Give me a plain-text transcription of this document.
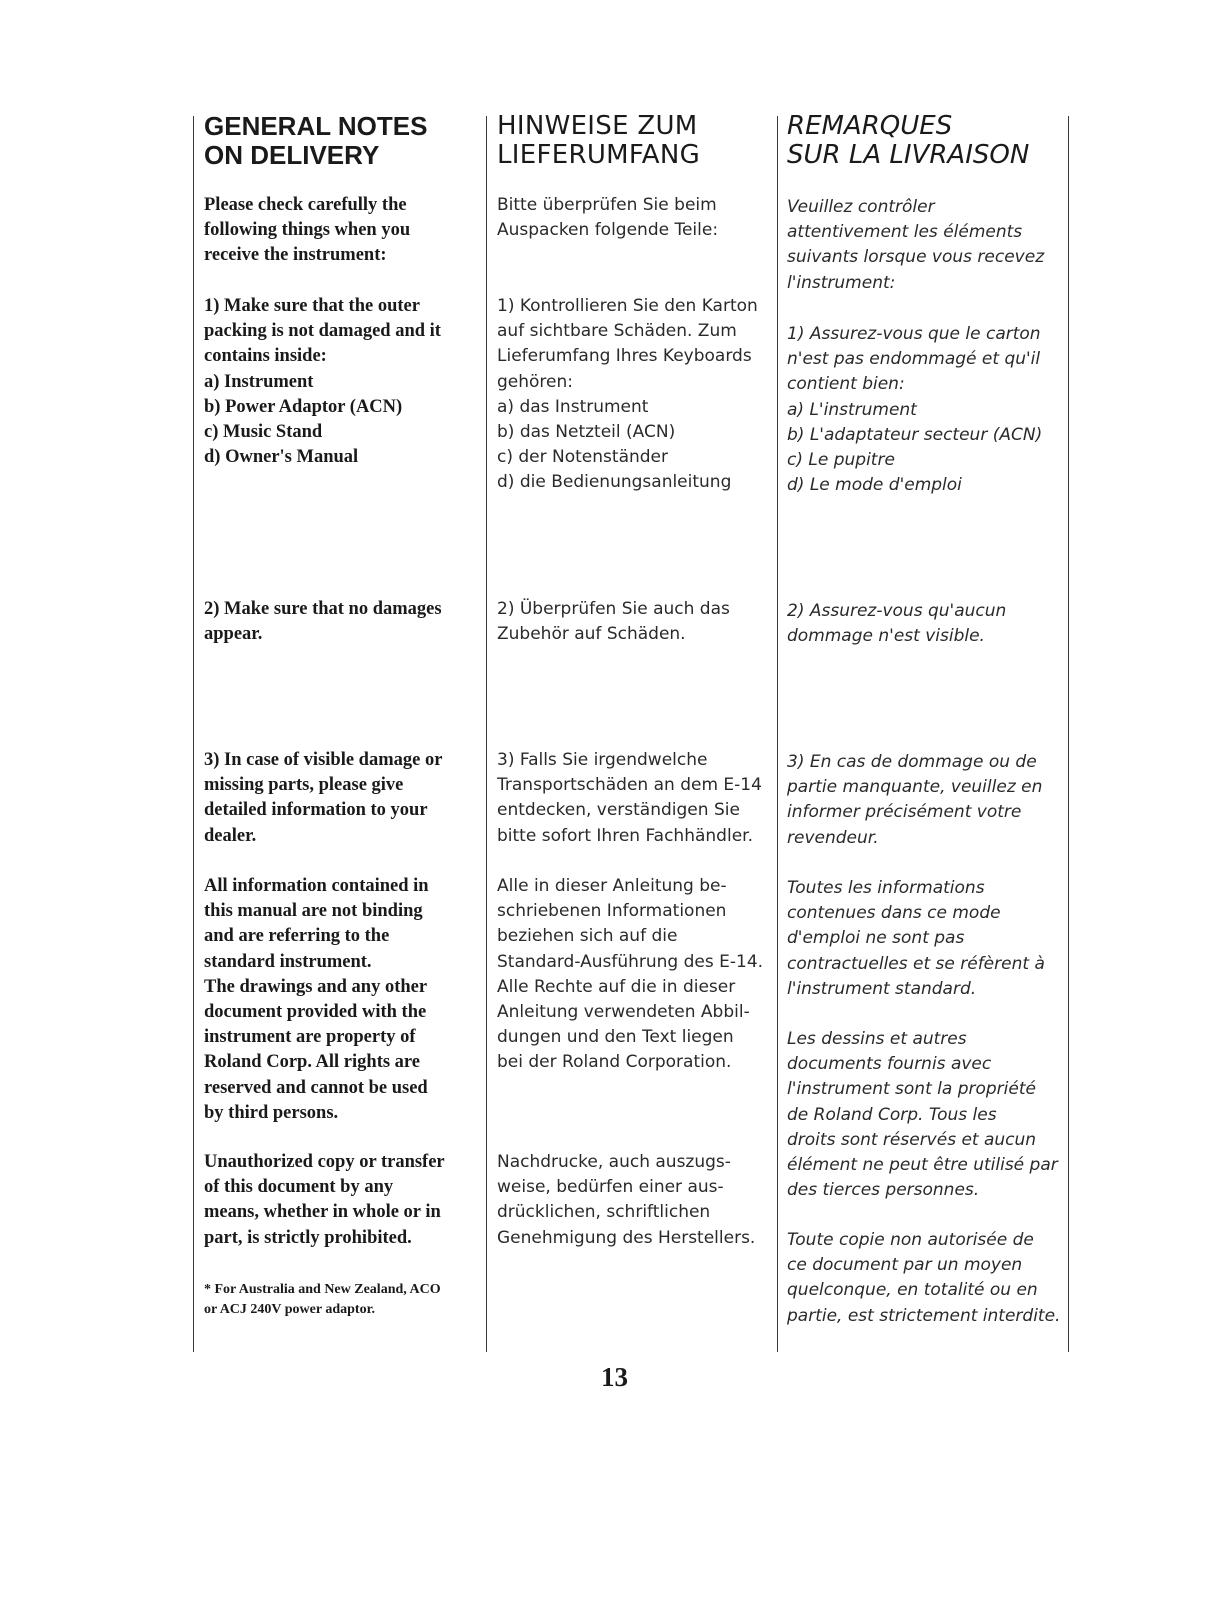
GENERAL NOTES
ON DELIVERY

Please check carefully the
following things when you
receive the instrument:

1) Make sure that the outer
packing is not damaged and it
contains inside:
a) Instrument
b) Power Adaptor (ACN)
c) Music Stand
d) Owner's Manual

2) Make sure that no damages
appear.

3) In case of visible damage or
missing parts, please give
detailed information to your
dealer.

All information contained in
this manual are not binding
and are referring to the
standard instrument.
The drawings and any other
document provided with the
instrument are property of
Roland Corp. All rights are
reserved and cannot be used
by third persons.

Unauthorized copy or transfer
of this document by any
means, whether in whole or in
part, is strictly prohibited.

* For Australia and New Zealand, ACO
or ACJ 240V power adaptor.

HINWEISE ZUM
LIEFERUMFANG

Bitte überprüfen Sie beim
Auspacken folgende Teile:

1) Kontrollieren Sie den Karton
auf sichtbare Schäden. Zum
Lieferumfang Ihres Keyboards
gehören:
a) das Instrument
b) das Netzteil (ACN)
c) der Notenständer
d) die Bedienungsanleitung

2) Überprüfen Sie auch das
Zubehör auf Schäden.

3) Falls Sie irgendwelche
Transportschäden an dem E-14
entdecken, verständigen Sie
bitte sofort Ihren Fachhändler.

Alle in dieser Anleitung be-
schriebenen Informationen
beziehen sich auf die
Standard-Ausführung des E-14.
Alle Rechte auf die in dieser
Anleitung verwendeten Abbil-
dungen und den Text liegen
bei der Roland Corporation.

Nachdrucke, auch auszugs-
weise, bedürfen einer aus-
drücklichen, schriftlichen
Genehmigung des Herstellers.

REMARQUES
SUR LA LIVRAISON

Veuillez contrôler
attentivement les éléments
suivants lorsque vous recevez
l'instrument:

1) Assurez-vous que le carton
n'est pas endommagé et qu'il
contient bien:
a) L'instrument
b) L'adaptateur secteur (ACN)
c) Le pupitre
d) Le mode d'emploi

2) Assurez-vous qu'aucun
dommage n'est visible.

3) En cas de dommage ou de
partie manquante, veuillez en
informer précisément votre
revendeur.

Toutes les informations
contenues dans ce mode
d'emploi ne sont pas
contractuelles et se réfèrent à
l'instrument standard.

Les dessins et autres
documents fournis avec
l'instrument sont la propriété
de Roland Corp. Tous les
droits sont réservés et aucun
élément ne peut être utilisé par
des tierces personnes.

Toute copie non autorisée de
ce document par un moyen
quelconque, en totalité ou en
partie, est strictement interdite.

13
